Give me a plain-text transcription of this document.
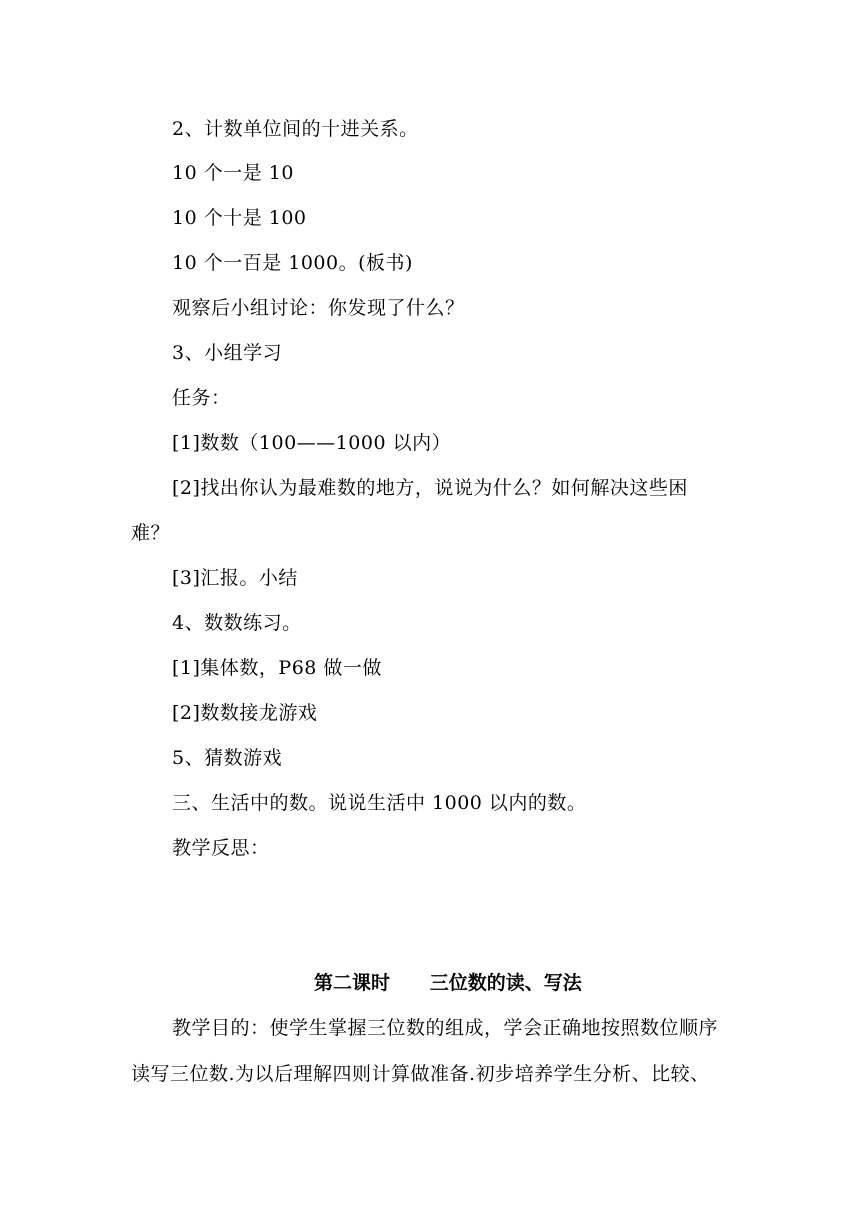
2、计数单位间的十进关系。
10 个一是 10
10 个十是 100
10 个一百是 1000。(板书)
观察后小组讨论：你发现了什么？
3、小组学习
任务：
[1]数数（100——1000 以内）
[2]找出你认为最难数的地方，说说为什么？如何解决这些困
难？
[3]汇报。小结
4、数数练习。
[1]集体数，P68 做一做
[2]数数接龙游戏
5、猜数游戏
三、生活中的数。说说生活中 1000 以内的数。
教学反思：
第二课时      三位数的读、写法
教学目的：使学生掌握三位数的组成，学会正确地按照数位顺序
读写三位数.为以后理解四则计算做准备.初步培养学生分析、比较、
